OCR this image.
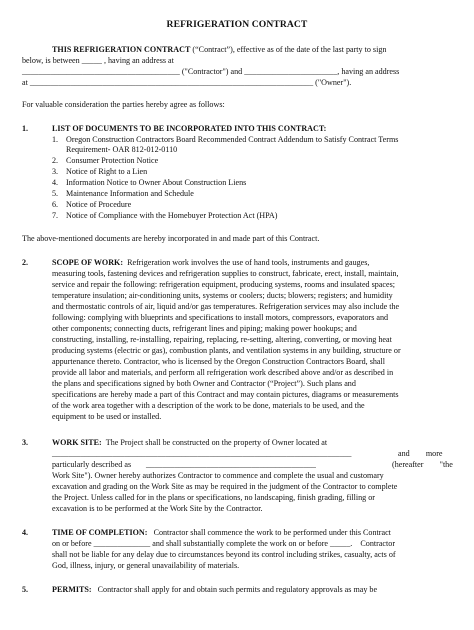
REFRIGERATION CONTRACT
THIS REFRIGERATION CONTRACT (“Contract”), effective as of the date of the last party to sign
below, is between _____ , having an address at
_______________________________________ ("Contractor") and _______________________, having an address
at ______________________________________________________________________ ("Owner").
For valuable consideration the parties hereby agree as follows:
1.	LIST OF DOCUMENTS TO BE INCORPORATED INTO THIS CONTRACT:
1. Oregon Construction Contractors Board Recommended Contract Addendum to Satisfy Contract Terms
Requirement- OAR 812-012-0110
2. Consumer Protection Notice
3. Notice of Right to a Lien
4. Information Notice to Owner About Construction Liens
5. Maintenance Information and Schedule
6. Notice of Procedure
7. Notice of Compliance with the Homebuyer Protection Act (HPA)
The above-mentioned documents are hereby incorporated in and made part of this Contract.
2.	SCOPE OF WORK: Refrigeration work involves the use of hand tools, instruments and gauges,
measuring tools, fastening devices and refrigeration supplies to construct, fabricate, erect, install, maintain,
service and repair the following: refrigeration equipment, producing systems, rooms and insulated spaces;
temperature insulation; air-conditioning units, systems or coolers; ducts; blowers; registers; and humidity
and thermostatic controls of air, liquid and/or gas temperatures. Refrigeration services may also include the
following: complying with blueprints and specifications to install motors, compressors, evaporators and
other components; connecting ducts, refrigerant lines and piping; making power hookups; and
constructing, installing, re-installing, repairing, replacing, re-setting, altering, converting, or moving heat
producing systems (electric or gas), combustion plants, and ventilation systems in any building, structure or
appurtenance thereto. Contractor, who is licensed by the Oregon Construction Contractors Board, shall
provide all labor and materials, and perform all refrigeration work described above and/or as described in
the plans and specifications signed by both Owner and Contractor (“Project”). Such plans and
specifications are hereby made a part of this Contract and may contain pictures, diagrams or measurements
of the work area together with a description of the work to be done, materials to be used, and the
equipment to be used or installed.
3.	WORK SITE: The Project shall be constructed on the property of Owner located at
__________________________________________________________________________	and        more
particularly described as __________________________________________	(hereafter        "the
Work Site"). Owner hereby authorizes Contractor to commence and complete the usual and customary
excavation and grading on the Work Site as may be required in the judgment of the Contractor to complete
the Project. Unless called for in the plans or specifications, no landscaping, finish grading, filling or
excavation is to be performed at the Work Site by the Contractor.
4.	TIME OF COMPLETION: Contractor shall commence the work to be performed under this Contract
on or before ______________ and shall substantially complete the work on or before _____.    Contractor
shall not be liable for any delay due to circumstances beyond its control including strikes, casualty, acts of
God, illness, injury, or general unavailability of materials.
5.	PERMITS: Contractor shall apply for and obtain such permits and regulatory approvals as may be
